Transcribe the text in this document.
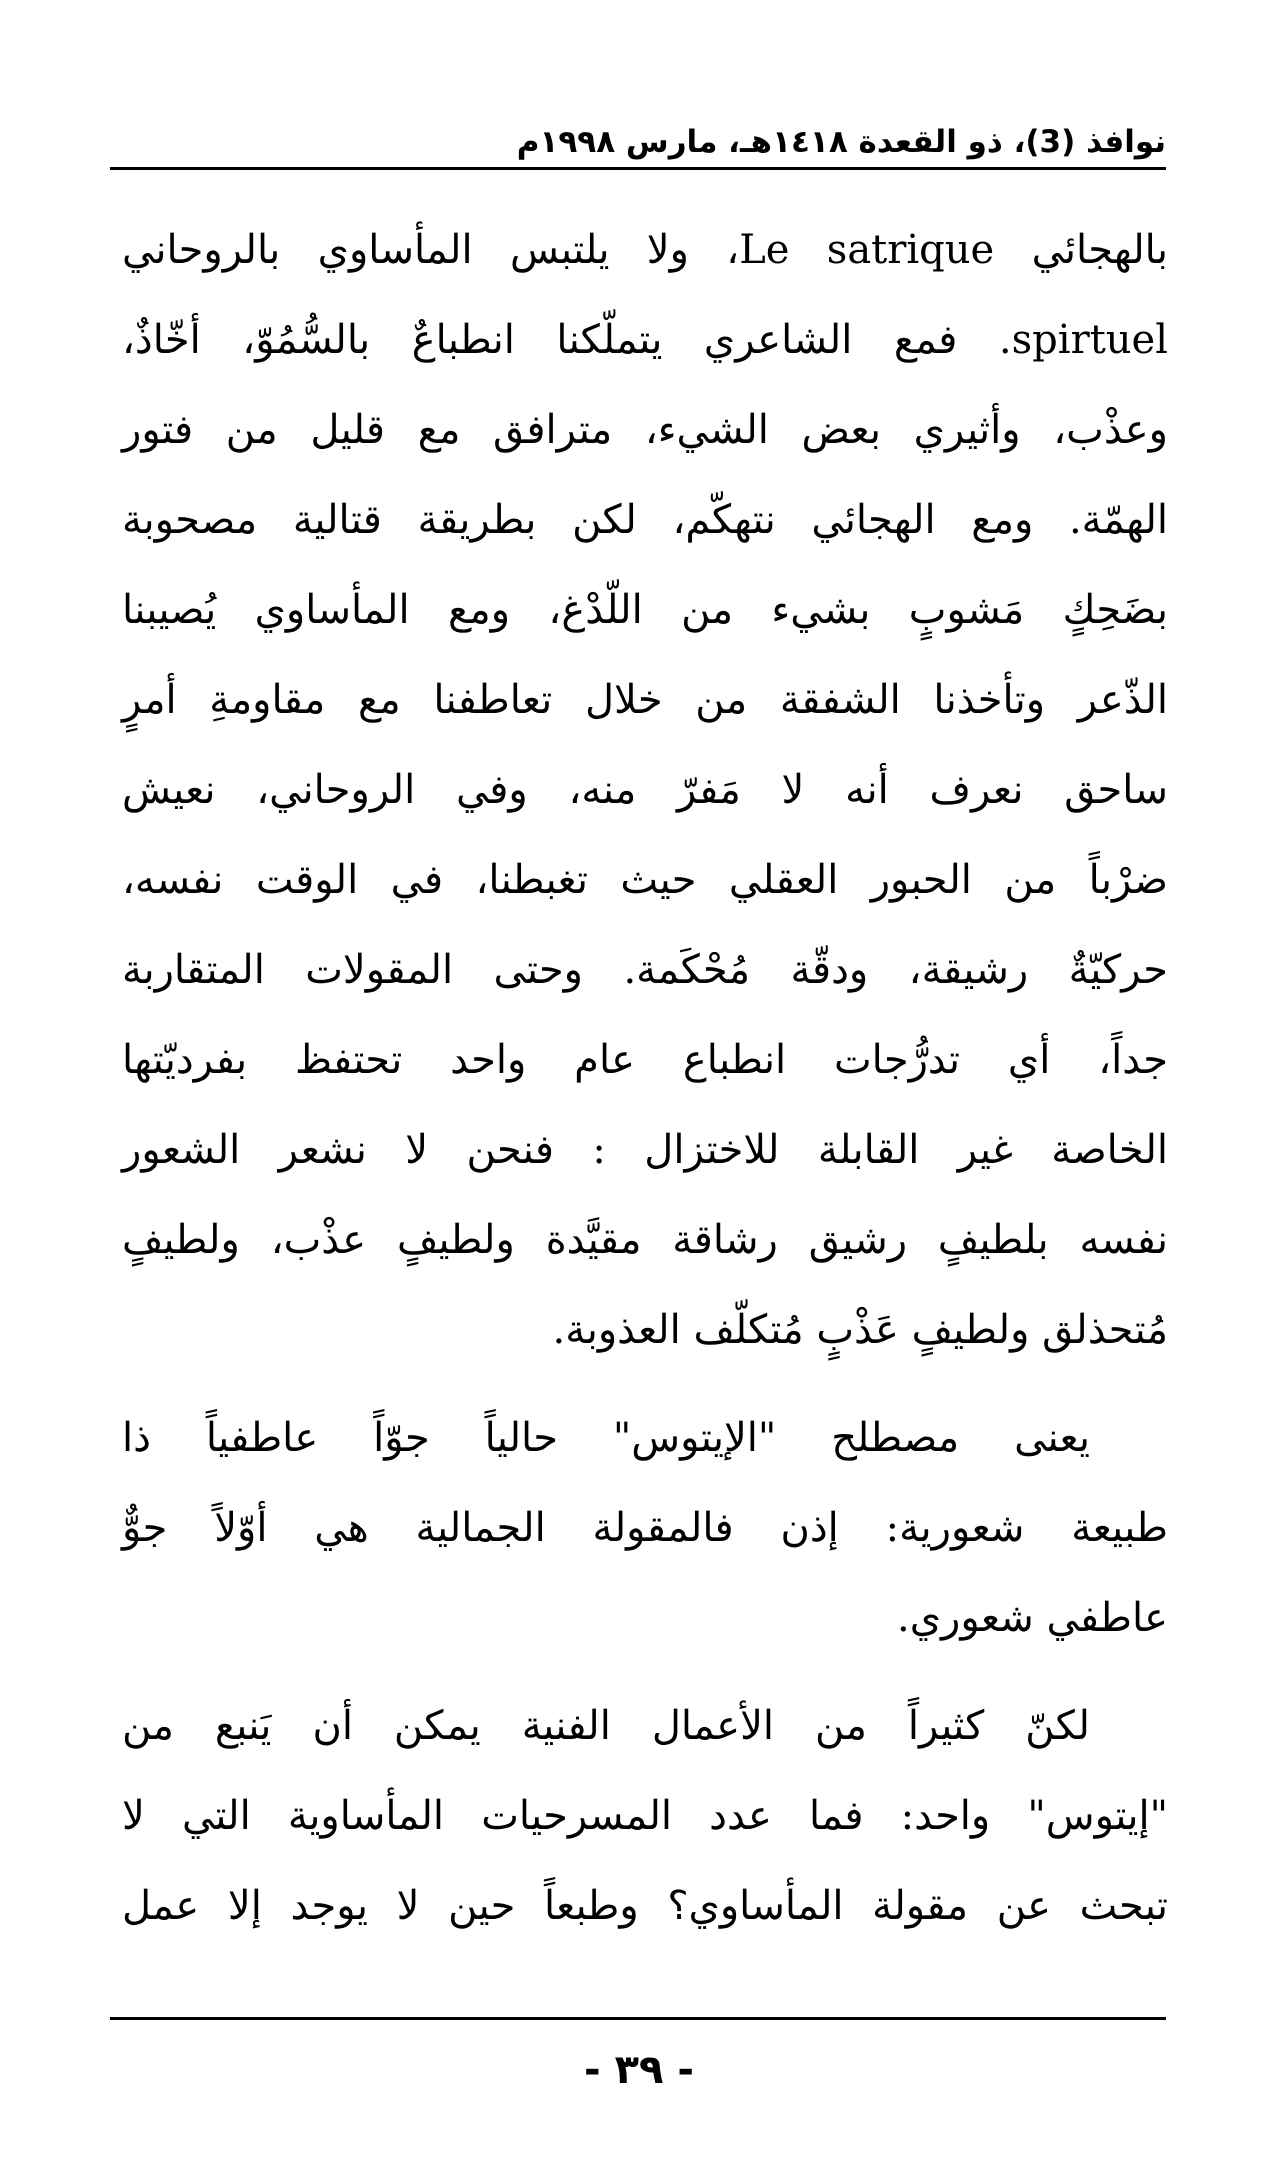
نوافذ (3)، ذو القعدة ١٤١٨هـ، مارس ١٩٩٨م
بالهجائي Le satrique، ولا يلتبس المأساوي بالروحاني
spirtuel. فمع الشاعري يتملّكنا انطباعٌ بالسُّمُوّ، أخّاذٌ،
وعذْب، وأثيري بعض الشيء، مترافق مع قليل من فتور
الهمّة. ومع الهجائي نتهكّم، لكن بطريقة قتالية مصحوبة
بضَحِكٍ مَشوبٍ بشيء من اللّدْغ، ومع المأساوي يُصيبنا
الذّعر وتأخذنا الشفقة من خلال تعاطفنا مع مقاومةِ أمرٍ
ساحق نعرف أنه لا مَفرّ منه، وفي الروحاني، نعيش
ضرْباً من الحبور العقلي حيث تغبطنا، في الوقت نفسه،
حركيّةٌ رشيقة، ودقّة مُحْكَمة. وحتى المقولات المتقاربة
جداً، أي تدرُّجات انطباع عام واحد تحتفظ بفرديّتها
الخاصة غير القابلة للاختزال : فنحن لا نشعر الشعور
نفسه بلطيفٍ رشيق رشاقة مقيَّدة ولطيفٍ عذْب، ولطيفٍ
مُتحذلق ولطيفٍ عَذْبٍ مُتكلّف العذوبة.
يعنى مصطلح "الإيتوس" حالياً جوّاً عاطفياً ذا
طبيعة شعورية: إذن فالمقولة الجمالية هي أوّلاً جوٌّ
عاطفي شعوري.
لكنّ كثيراً من الأعمال الفنية يمكن أن يَنبع من
"إيتوس" واحد: فما عدد المسرحيات المأساوية التي لا
تبحث عن مقولة المأساوي؟ وطبعاً حين لا يوجد إلا عمل
- ٣٩ -
